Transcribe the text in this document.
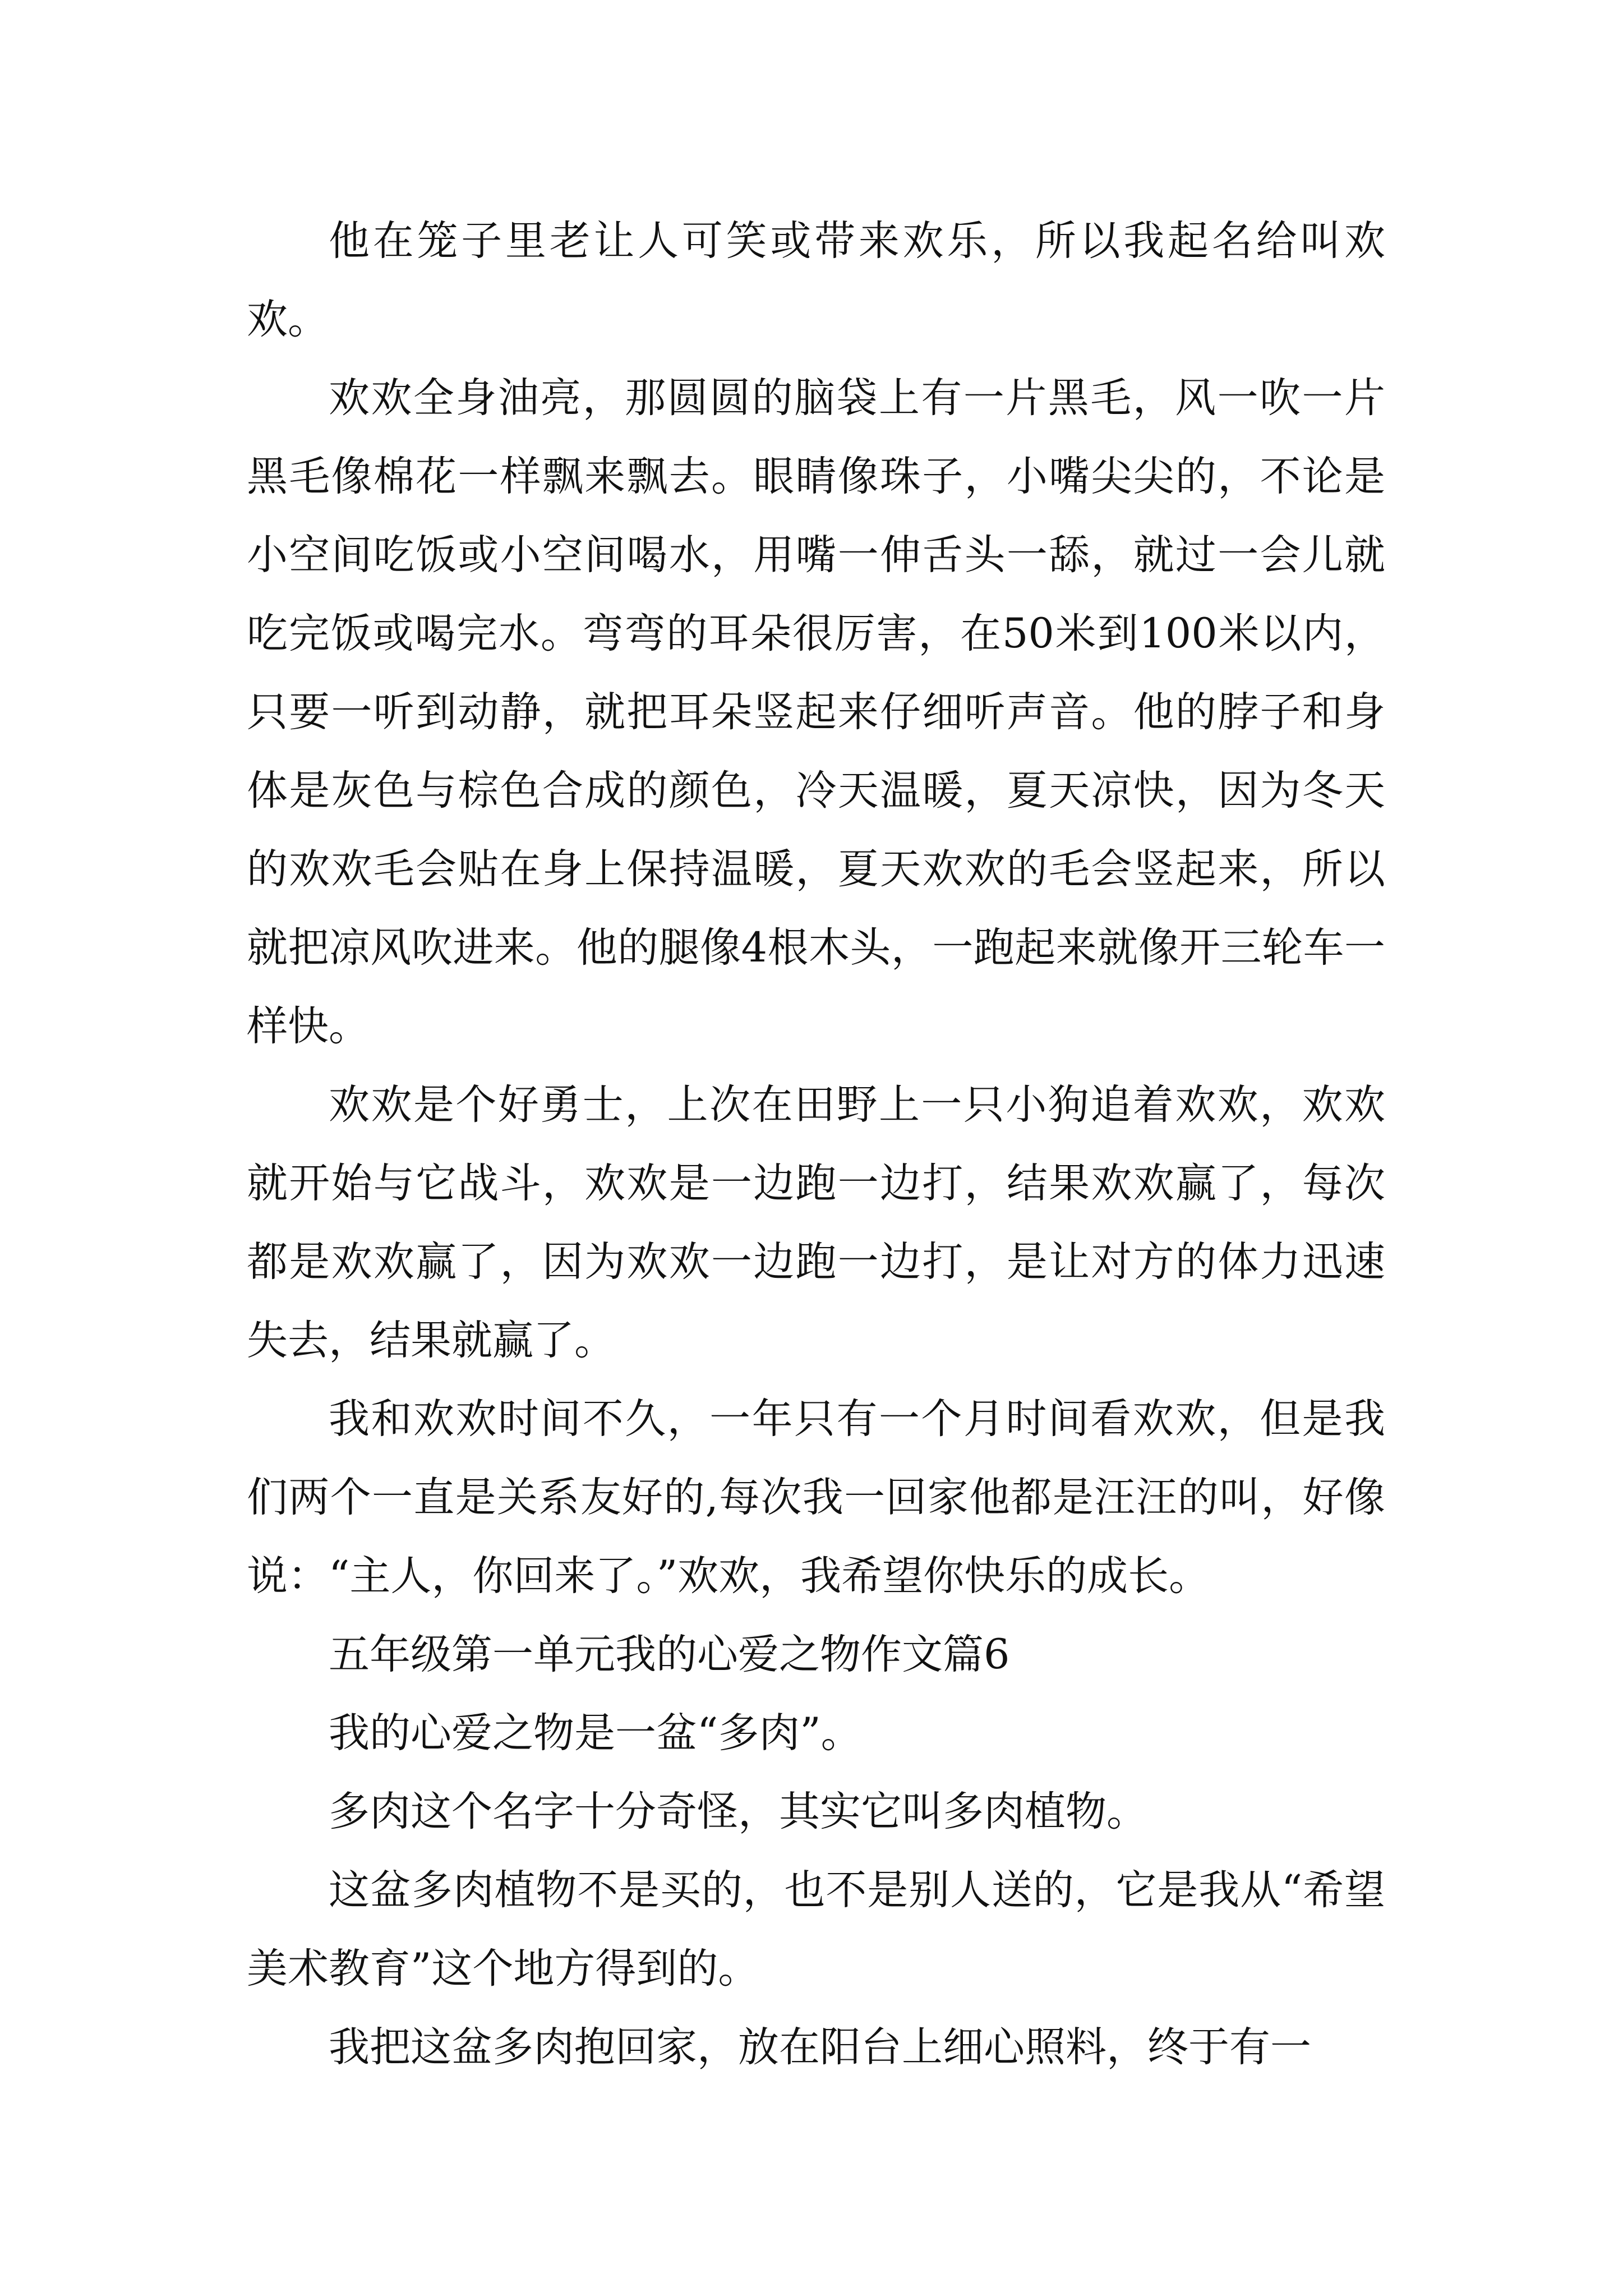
他在笼子里老让人可笑或带来欢乐，所以我起名给叫欢欢。

欢欢全身油亮，那圆圆的脑袋上有一片黑毛，风一吹一片黑毛像棉花一样飘来飘去。眼睛像珠子，小嘴尖尖的，不论是小空间吃饭或小空间喝水，用嘴一伸舌头一舔，就过一会儿就吃完饭或喝完水。弯弯的耳朵很厉害，在50米到100米以内，只要一听到动静，就把耳朵竖起来仔细听声音。他的脖子和身体是灰色与棕色合成的颜色，冷天温暖，夏天凉快，因为冬天的欢欢毛会贴在身上保持温暖，夏天欢欢的毛会竖起来，所以就把凉风吹进来。他的腿像4根木头，一跑起来就像开三轮车一样快。

欢欢是个好勇士，上次在田野上一只小狗追着欢欢，欢欢就开始与它战斗，欢欢是一边跑一边打，结果欢欢赢了，每次都是欢欢赢了，因为欢欢一边跑一边打，是让对方的体力迅速失去，结果就赢了。

我和欢欢时间不久，一年只有一个月时间看欢欢，但是我们两个一直是关系友好的,每次我一回家他都是汪汪的叫，好像说：“主人，你回来了。”欢欢，我希望你快乐的成长。

五年级第一单元我的心爱之物作文篇6

我的心爱之物是一盆“多肉”。

多肉这个名字十分奇怪，其实它叫多肉植物。

这盆多肉植物不是买的，也不是别人送的，它是我从“希望美术教育”这个地方得到的。

我把这盆多肉抱回家，放在阳台上细心照料，终于有一
